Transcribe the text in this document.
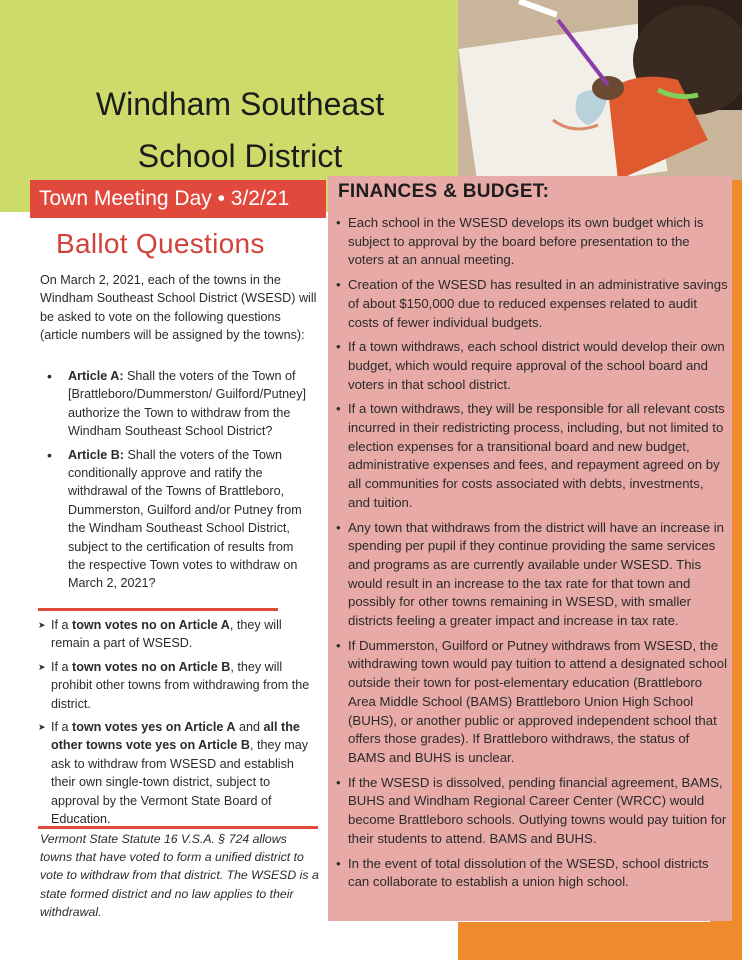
Windham Southeast
School District
Town Meeting Day • 3/2/21	FINANCES & BUDGET:
• Each school in the WSESD develops its own budget which is subject to approval by the board before presentation to the voters at an annual meeting.
• Creation of the WSESD has resulted in an administrative savings of about $150,000 due to reduced expenses related to audit costs of fewer individual budgets.
• If a town withdraws, each school district would develop their own budget, which would require approval of the school board and voters in that school district.
• If a town withdraws, they will be responsible for all relevant costs incurred in their redistricting process, including, but not limited to election expenses for a transitional board and new budget, administrative expenses and fees, and repayment agreed on by all communities for costs associated with debts, investments, and tuition.
• Any town that withdraws from the district will have an increase in spending per pupil if they continue providing the same services and programs as are currently available under WSESD. This would result in an increase to the tax rate for that town and possibly for other towns remaining in WSESD, with smaller districts feeling a greater impact and increase in tax rate.
• If Dummerston, Guilford or Putney withdraws from WSESD, the withdrawing town would pay tuition to attend a designated school outside their town for post-elementary education (Brattleboro Area Middle School (BAMS) Brattleboro Union High School (BUHS), or another public or approved independent school that offers those grades). If Brattleboro withdraws, the status of BAMS and BUHS is unclear.
• If the WSESD is dissolved, pending financial agreement, BAMS, BUHS and Windham Regional Career Center (WRCC) would become Brattleboro schools. Outlying towns would pay tuition for their students to attend. BAMS and BUHS.
• In the event of total dissolution of the WSESD, school districts can collaborate to establish a union high school.
Ballot Questions
On March 2, 2021, each of the towns in the Windham Southeast School District (WSESD) will be asked to vote on the following questions (article numbers will be assigned by the towns):
• Article A: Shall the voters of the Town of [Brattleboro/Dummerston/ Guilford/Putney] authorize the Town to withdraw from the Windham Southeast School District?
• Article B: Shall the voters of the Town conditionally approve and ratify the withdrawal of the Towns of Brattleboro, Dummerston, Guilford and/or Putney from the Windham Southeast School District, subject to the certification of results from the respective Town votes to withdraw on March 2, 2021?
➤ If a town votes no on Article A, they will remain a part of WSESD.
➤ If a town votes no on Article B, they will prohibit other towns from withdrawing from the district.
➤ If a town votes yes on Article A and all the other towns vote yes on Article B, they may ask to withdraw from WSESD and establish their own single-town district, subject to approval by the Vermont State Board of Education.
Vermont State Statute 16 V.S.A. § 724 allows towns that have voted to form a unified district to vote to withdraw from that district. The WSESD is a state formed district and no law applies to their withdrawal.
